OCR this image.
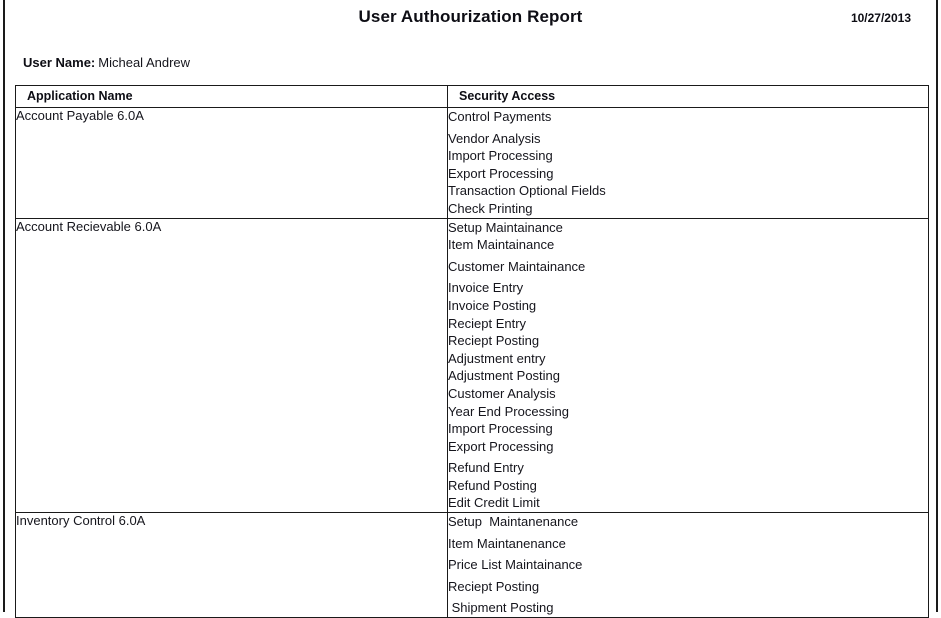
User Authourization Report	10/27/2013
User Name: Micheal Andrew
Application Name	Security Access
Account Payable 6.0A	Control Payments
Vendor Analysis
Import Processing
Export Processing
Transaction Optional Fields
Check Printing

Account Recievable 6.0A	Setup Maintainance
Item Maintainance
Customer Maintainance
Invoice Entry
Invoice Posting
Reciept Entry
Reciept Posting
Adjustment entry
Adjustment Posting
Customer Analysis
Year End Processing
Import Processing
Export Processing
Refund Entry
Refund Posting
Edit Credit Limit

Inventory Control 6.0A	Setup  Maintanenance
Item Maintanenance
Price List Maintainance
Reciept Posting
Shipment Posting
